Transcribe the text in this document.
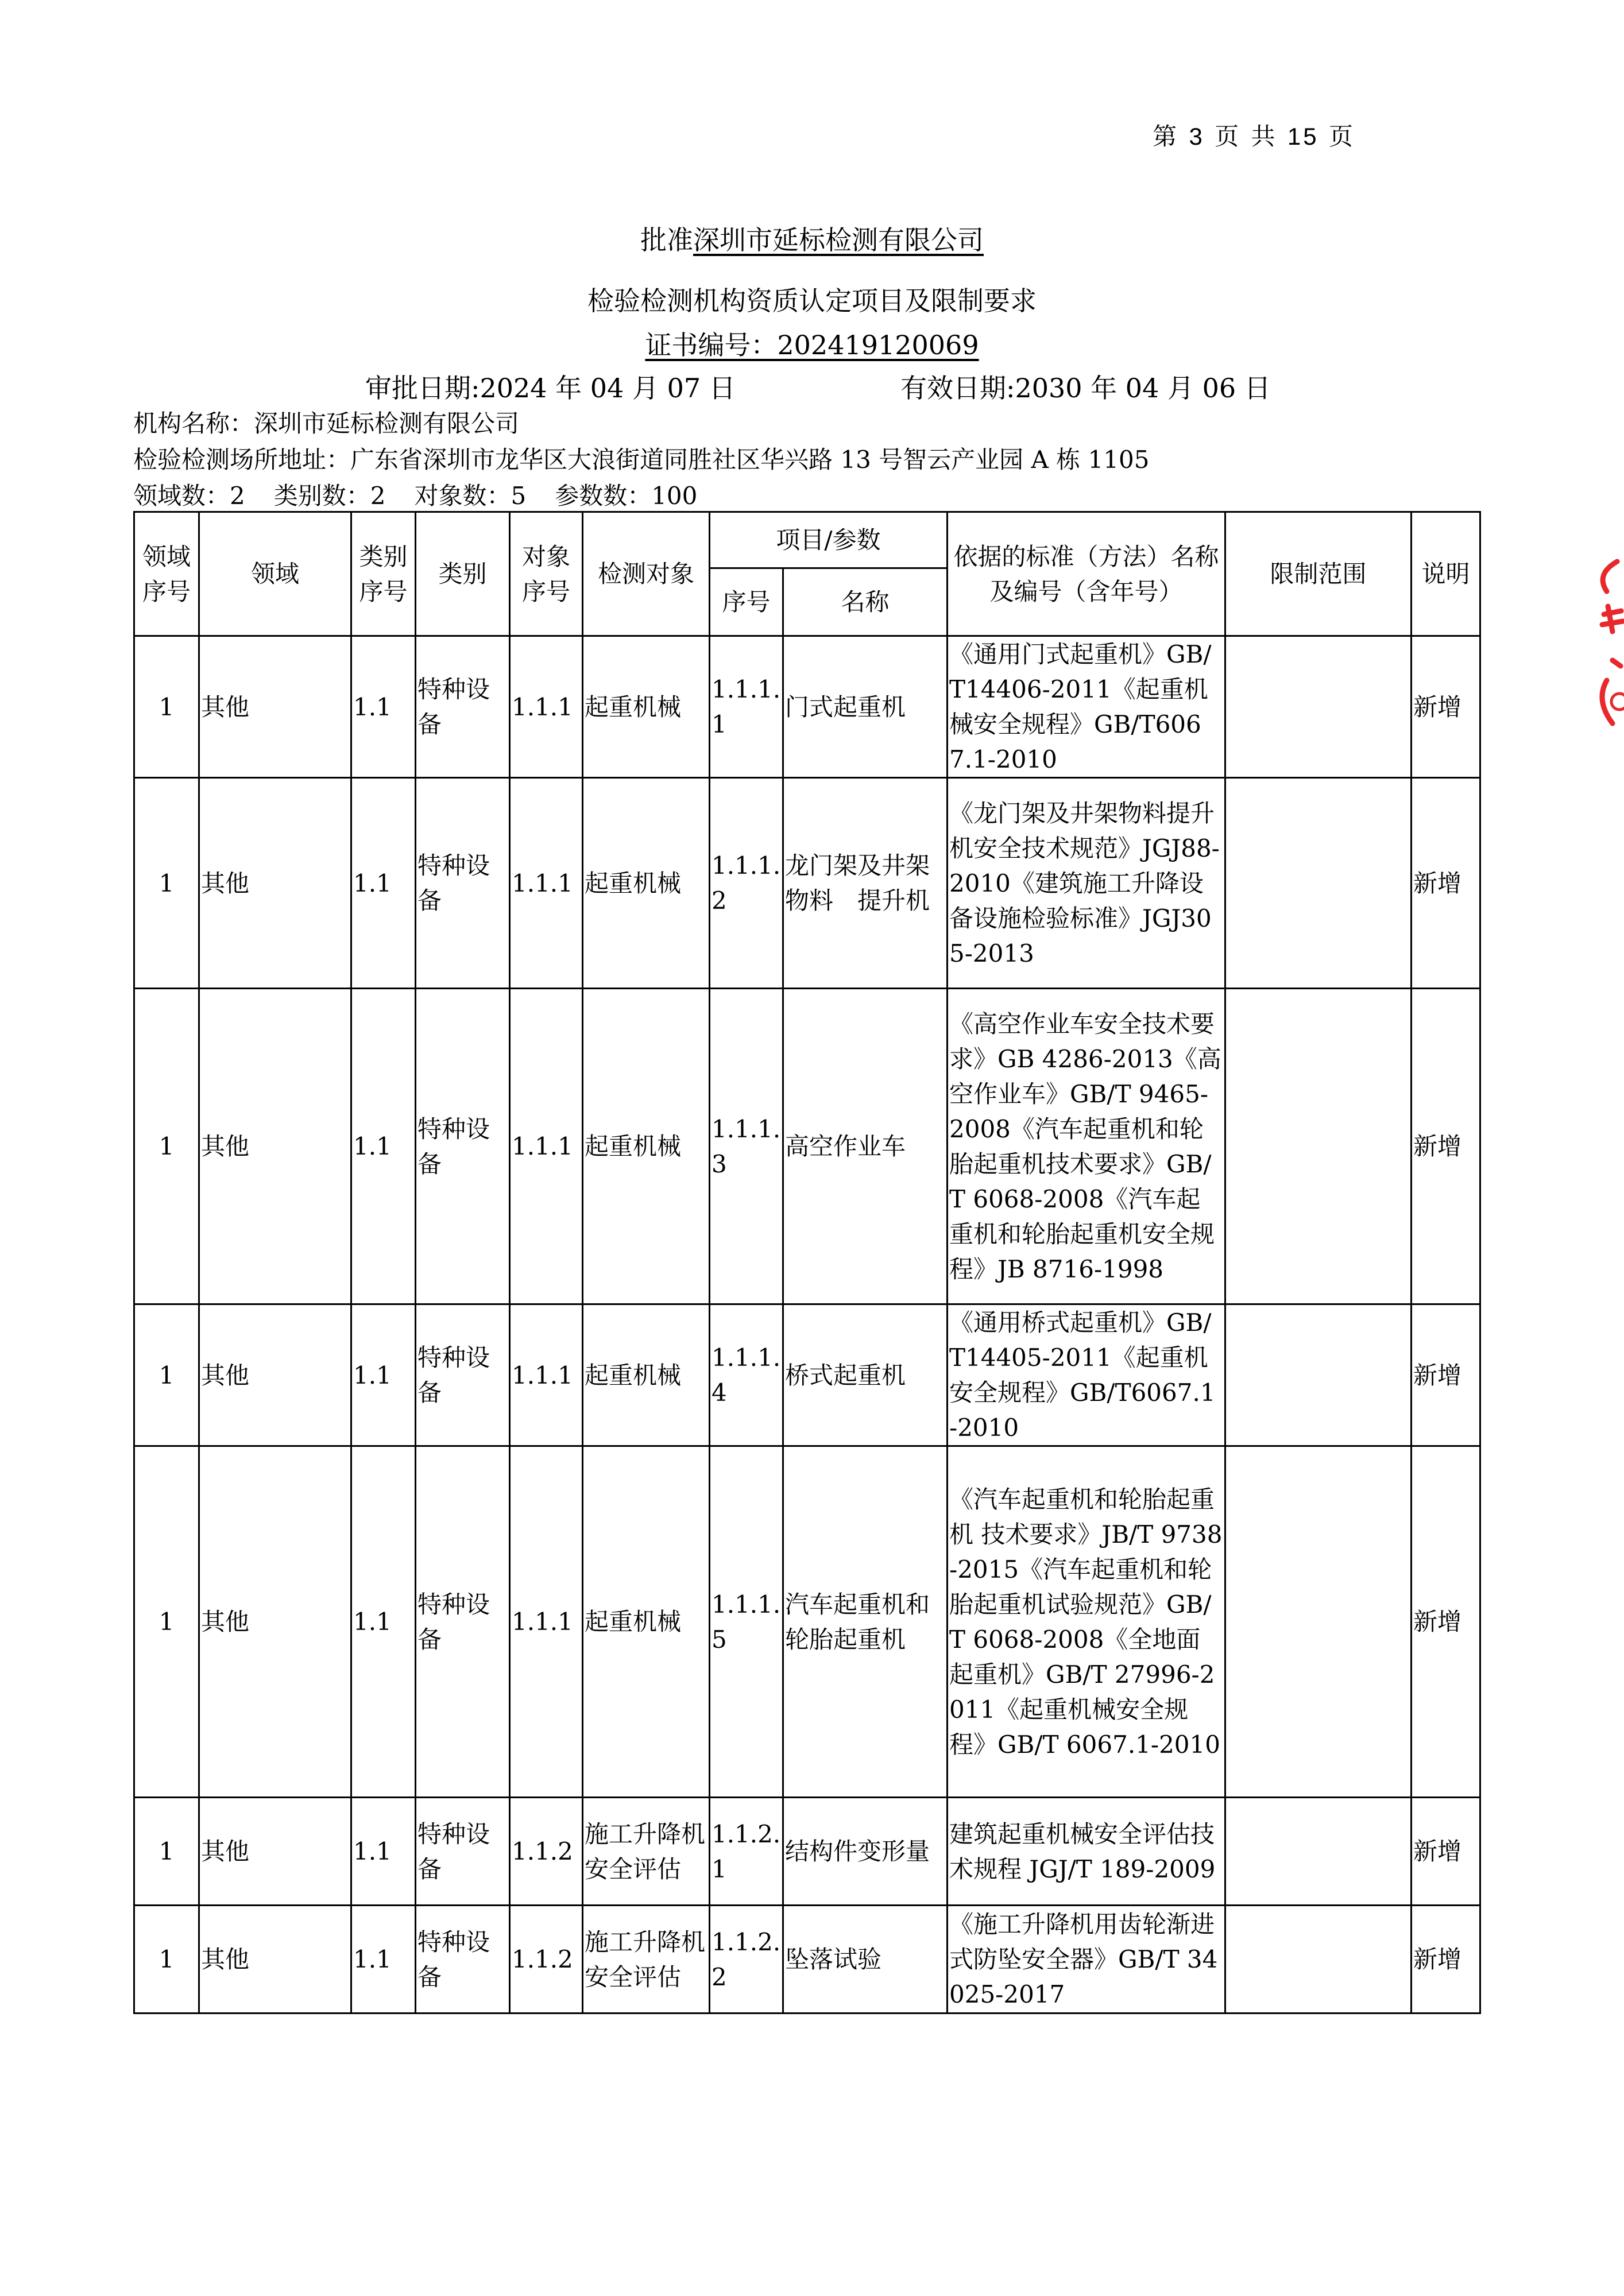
第 3 页 共 15 页
批准深圳市延标检测有限公司
检验检测机构资质认定项目及限制要求
证书编号：202419120069
审批日期:2024 年 04 月 07 日	有效日期:2030 年 04 月 06 日
机构名称：深圳市延标检测有限公司
检验检测场所地址：广东省深圳市龙华区大浪街道同胜社区华兴路 13 号智云产业园 A 栋 1105
领域数：2 类别数：2 对象数：5 参数数：100
领域序号	领域	类别序号	类别	对象序号	检测对象	项目/参数		依据的标准（方法）名称及编号（含年号）	限制范围	说明
						序号	名称			
1	其他	1.1	特种设备	1.1.1	起重机械	1.1.1.1	门式起重机	《通用门式起重机》GB/T14406-2011《起重机械安全规程》GB/T6067.1-2010		新增
1	其他	1.1	特种设备	1.1.1	起重机械	1.1.1.2	龙门架及井架物料　提升机	《龙门架及井架物料提升机安全技术规范》JGJ88-2010《建筑施工升降设备设施检验标准》JGJ305-2013		新增
1	其他	1.1	特种设备	1.1.1	起重机械	1.1.1.3	高空作业车	《高空作业车安全技术要求》GB 4286-2013《高空作业车》GB/T 9465-2008《汽车起重机和轮胎起重机技术要求》GB/T 6068-2008《汽车起重机和轮胎起重机安全规程》JB 8716-1998		新增
1	其他	1.1	特种设备	1.1.1	起重机械	1.1.1.4	桥式起重机	《通用桥式起重机》GB/T14405-2011《起重机安全规程》GB/T6067.1-2010		新增
1	其他	1.1	特种设备	1.1.1	起重机械	1.1.1.5	汽车起重机和轮胎起重机	《汽车起重机和轮胎起重机 技术要求》JB/T 9738-2015《汽车起重机和轮胎起重机试验规范》GB/T 6068-2008《全地面起重机》GB/T 27996-2011《起重机械安全规程》GB/T 6067.1-2010		新增
1	其他	1.1	特种设备	1.1.2	施工升降机安全评估	1.1.2.1	结构件变形量	建筑起重机械安全评估技术规程 JGJ/T 189-2009		新增
1	其他	1.1	特种设备	1.1.2	施工升降机安全评估	1.1.2.2	坠落试验	《施工升降机用齿轮渐进式防坠安全器》GB/T 34025-2017		新增
